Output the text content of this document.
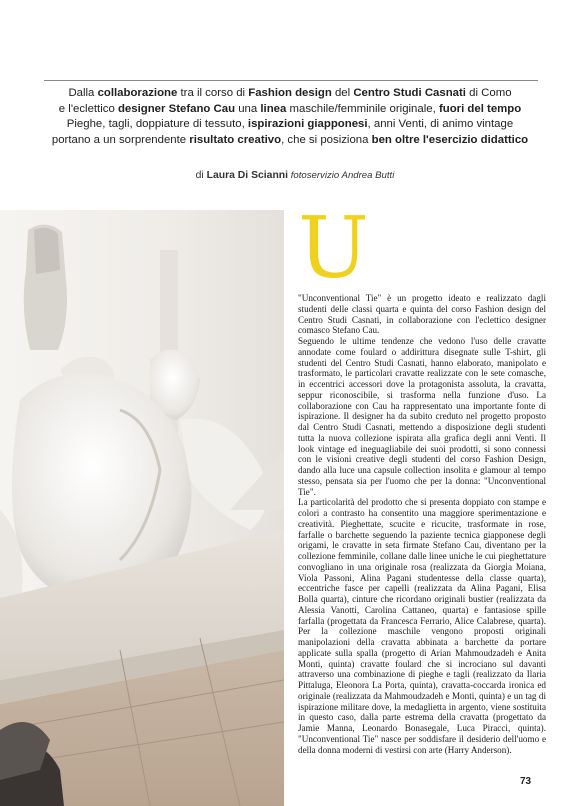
Dalla collaborazione tra il corso di Fashion design del Centro Studi Casnati di Como
e l'eclettico designer Stefano Cau una linea maschile/femminile originale, fuori del tempo
Pieghe, tagli, doppiature di tessuto, ispirazioni giapponesi, anni Venti, di animo vintage
portano a un sorprendente risultato creativo, che si posiziona ben oltre l'esercizio didattico
di Laura Di Scianni fotoservizio Andrea Butti
U

"Unconventional Tie" è un progetto ideato e realizzato dagli studenti delle classi quarta e quinta del corso Fashion design del Centro Studi Casnati, in collaborazione con l'eclettico designer comasco Stefano Cau.

Seguendo le ultime tendenze che vedono l'uso delle cravatte annodate come foulard o addirittura disegnate sulle T-shirt, gli studenti del Centro Studi Casnati, hanno elaborato, manipolato e trasformato, le particolari cravatte realizzate con le sete comasche, in eccentrici accessori dove la protagonista assoluta, la cravatta, seppur riconoscibile, si trasforma nella funzione d'uso. La collaborazione con Cau ha rappresentato una importante fonte di ispirazione. Il designer ha da subito creduto nel progetto proposto dal Centro Studi Casnati, mettendo a disposizione degli studenti tutta la nuova collezione ispirata alla grafica degli anni Venti. Il look vintage ed ineguagliabile dei suoi prodotti, si sono connessi con le visioni creative degli studenti del corso Fashion Design, dando alla luce una capsule collection insolita e glamour al tempo stesso, pensata sia per l'uomo che per la donna: "Unconventional Tie".

La particolarità del prodotto che si presenta doppiato con stampe e colori a contrasto ha consentito una maggiore sperimentazione e creatività. Pieghettate, scucite e ricucite, trasformate in rose, farfalle o barchette seguendo la paziente tecnica giapponese degli origami, le cravatte in seta firmate Stefano Cau, diventano per la collezione femminile, collane dalle linee uniche le cui pieghettature convogliano in una originale rosa (realizzata da Giorgia Moiana, Viola Passoni, Alina Pagani studentesse della classe quarta), eccentriche fasce per capelli (realizzata da Alina Pagani, Elisa Bolla quarta), cinture che ricordano originali bustier (realizzata da Alessia Vanotti, Carolina Cattaneo, quarta) e fantasiose spille farfalla (progettata da Francesca Ferrario, Alice Calabrese, quarta). Per la collezione maschile vengono proposti originali manipolazioni della cravatta abbinata a barchette da portare applicate sulla spalla (progetto di Arian Mahmoudzadeh e Anita Monti, quinta) cravatte foulard che si incrociano sul davanti attraverso una combinazione di pieghe e tagli (realizzato da Ilaria Pittaluga, Eleonora La Porta, quinta), cravatta-coccarda ironica ed originale (realizzata da Mahmoudzadeh e Monti, quinta) e un tag di ispirazione militare dove, la medaglietta in argento, viene sostituita in questo caso, dalla parte estrema della cravatta (progettato da Jamie Manna, Leonardo Bonasegale, Luca Piracci, quinta). "Unconventional Tie" nasce per soddisfare il desiderio dell'uomo e della donna moderni di vestirsi con arte (Harry Anderson).

73
